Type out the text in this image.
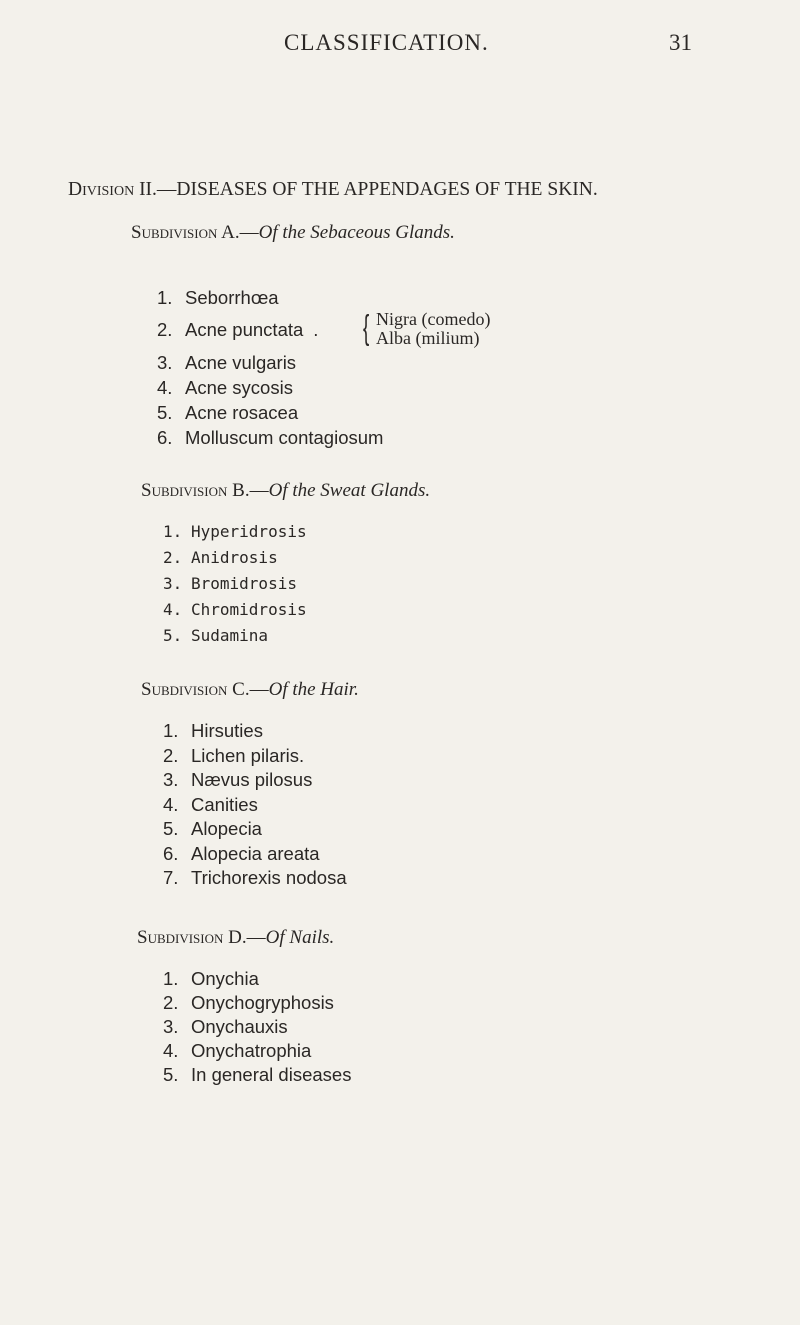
CLASSIFICATION.	31
Division II.—DISEASES OF THE APPENDAGES OF THE SKIN.
Subdivision A.—Of the Sebaceous Glands.
1. Seborrhœa
2. Acne punctata . { Nigra (comedo)
Alba (milium)
3. Acne vulgaris
4. Acne sycosis
5. Acne rosacea
6. Molluscum contagiosum
Subdivision B.—Of the Sweat Glands.
1. Hyperidrosis
2. Anidrosis
3. Bromidrosis
4. Chromidrosis
5. Sudamina
Subdivision C.—Of the Hair.
1. Hirsuties
2. Lichen pilaris.
3. Nævus pilosus
4. Canities
5. Alopecia
6. Alopecia areata
7. Trichorexis nodosa
Subdivision D.—Of Nails.
1. Onychia
2. Onychogryphosis
3. Onychauxis
4. Onychatrophia
5. In general diseases
